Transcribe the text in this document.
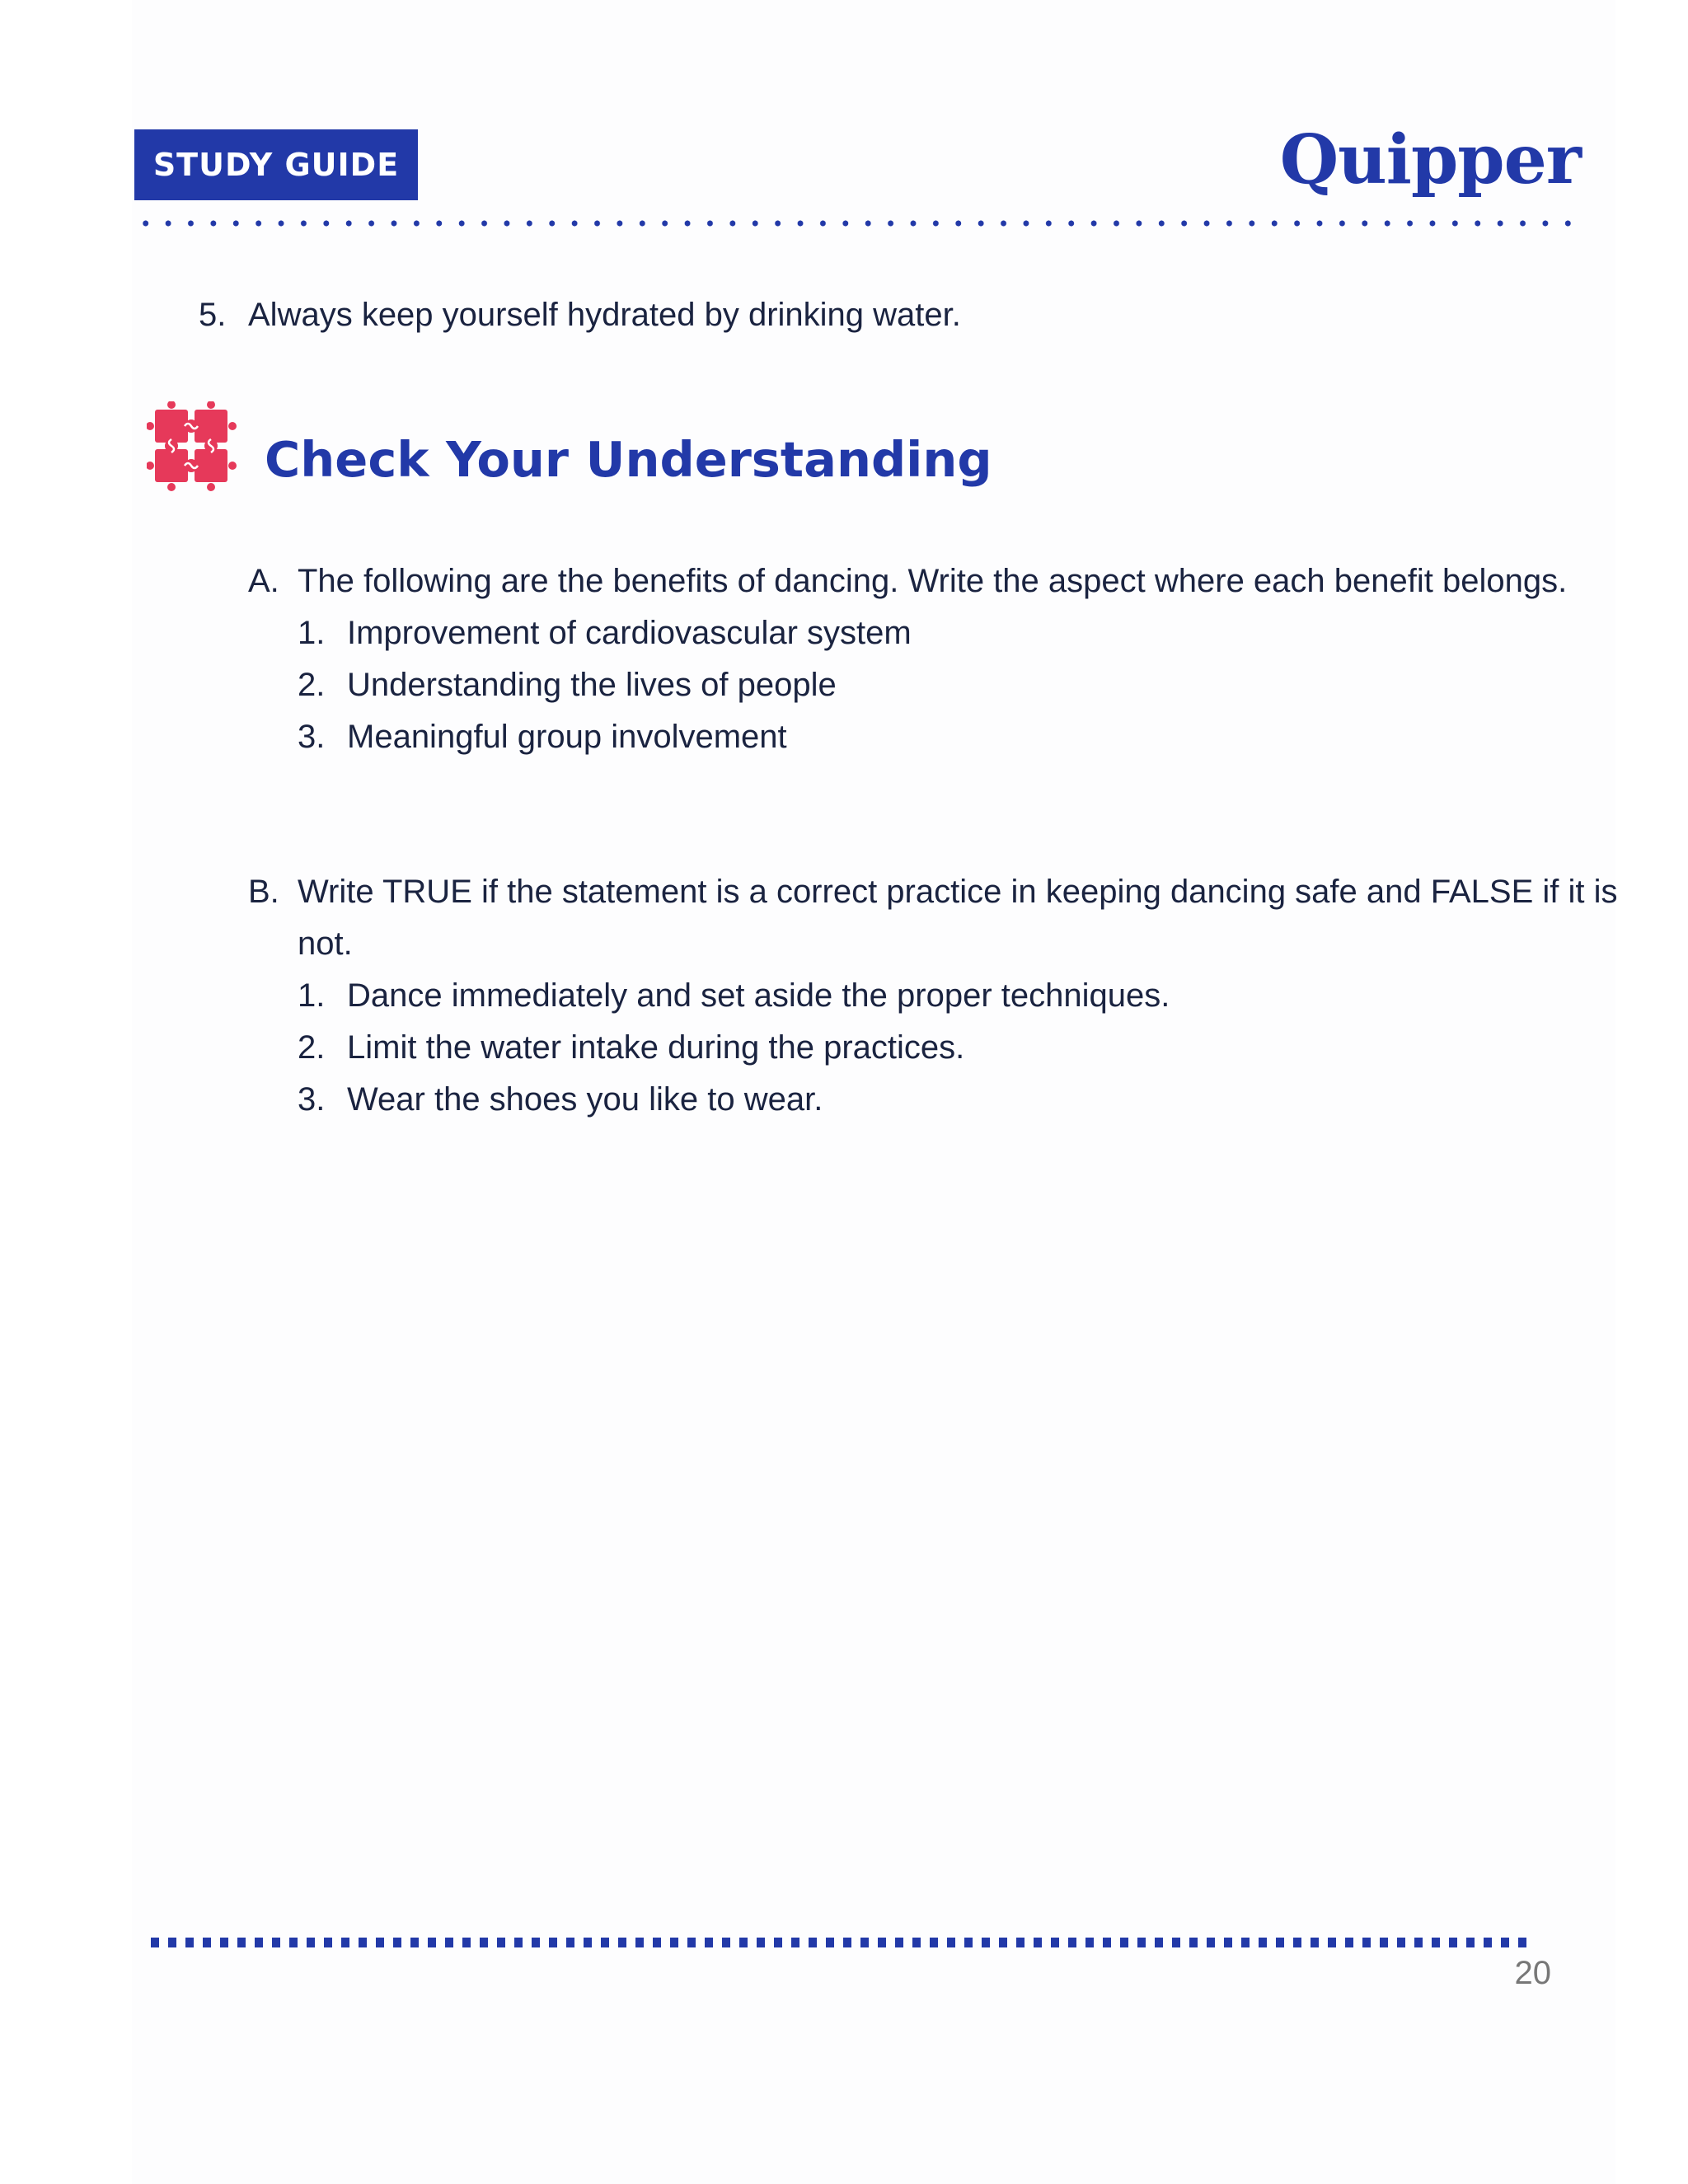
STUDY GUIDE	Quipper
5. Always keep yourself hydrated by drinking water.
Check Your Understanding
A. The following are the benefits of dancing. Write the aspect where each benefit belongs.
1. Improvement of cardiovascular system
2. Understanding the lives of people
3. Meaningful group involvement
B. Write TRUE if the statement is a correct practice in keeping dancing safe and FALSE if it is not.
1. Dance immediately and set aside the proper techniques.
2. Limit the water intake during the practices.
3. Wear the shoes you like to wear.
20
